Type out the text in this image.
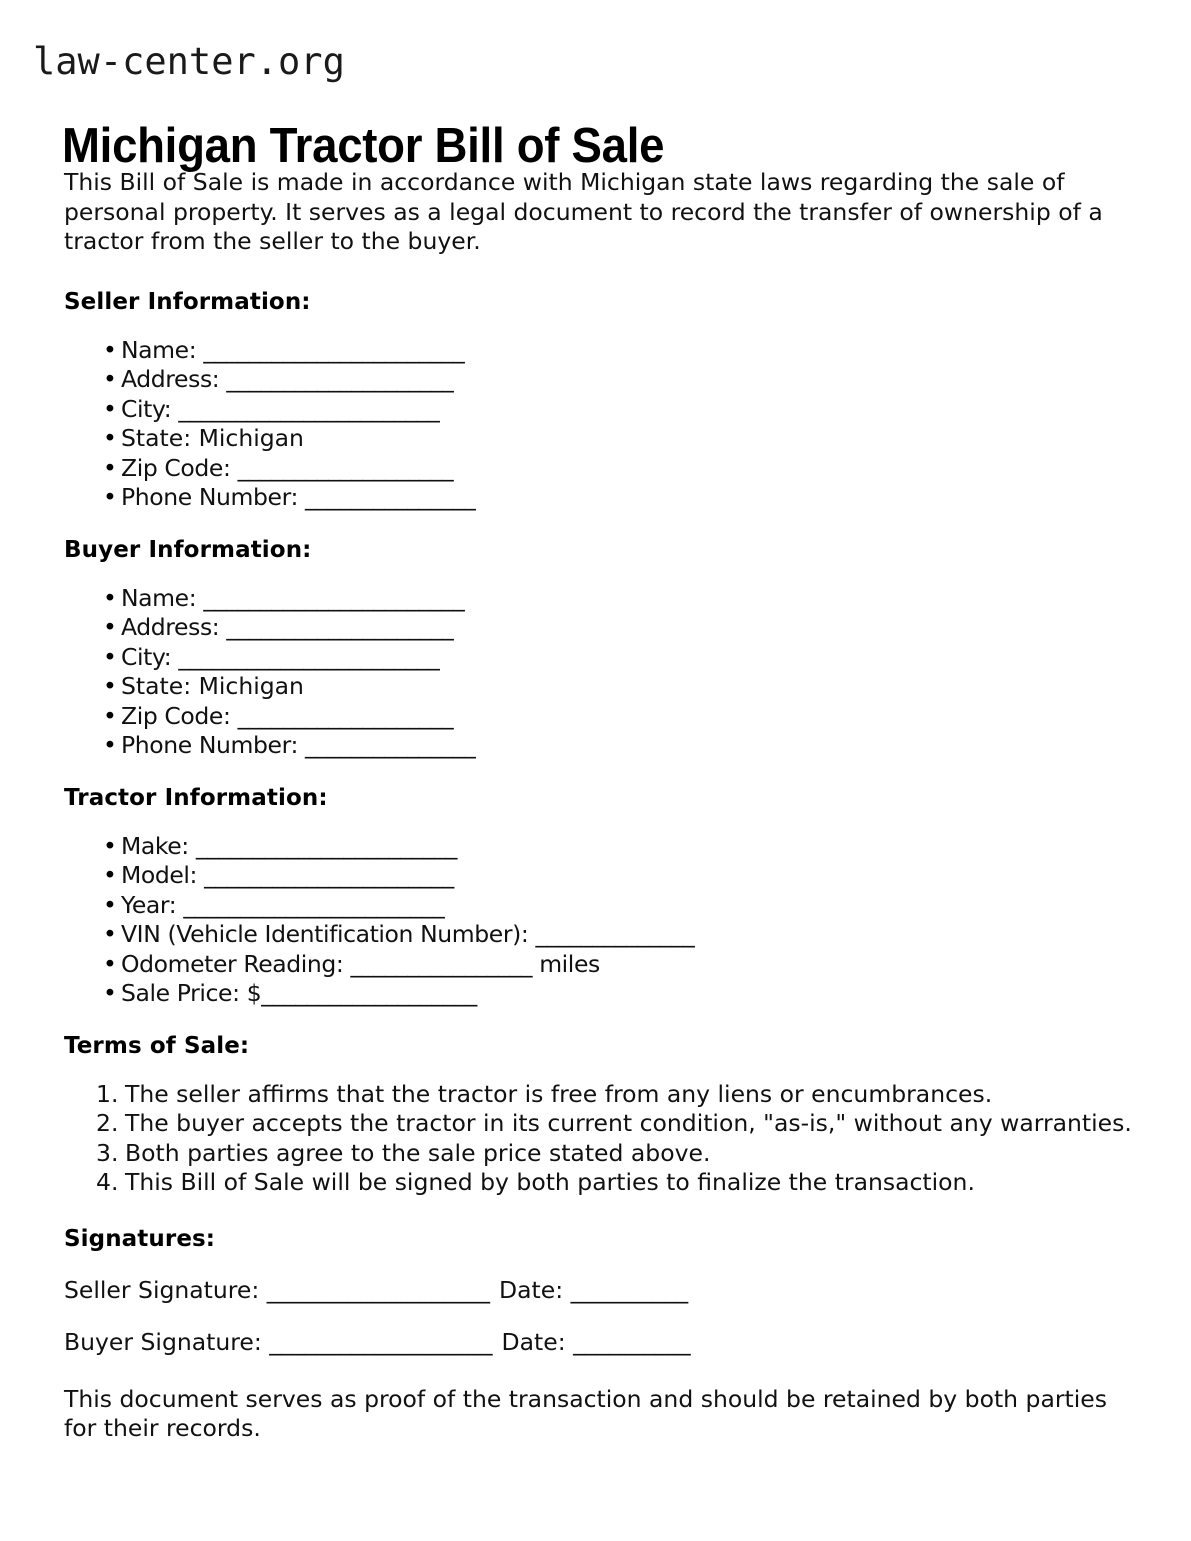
law-center.org
Michigan Tractor Bill of Sale

This Bill of Sale is made in accordance with Michigan state laws regarding the sale of personal property. It serves as a legal document to record the transfer of ownership of a tractor from the seller to the buyer.

Seller Information:
• Name: _______________________
• Address: ____________________
• City: _______________________
• State: Michigan
• Zip Code: ___________________
• Phone Number: _______________
Buyer Information:
• Name: _______________________
• Address: ____________________
• City: _______________________
• State: Michigan
• Zip Code: ___________________
• Phone Number: _______________
Tractor Information:
• Make: _______________________
• Model: ______________________
• Year: _______________________
• VIN (Vehicle Identification Number): ______________
• Odometer Reading: ________________ miles
• Sale Price: $___________________
Terms of Sale:
The seller affirms that the tractor is free from any liens or encumbrances.
The buyer accepts the tractor in its current condition, "as-is," without any warranties.
Both parties agree to the sale price stated above.
This Bill of Sale will be signed by both parties to finalize the transaction.
Signatures:
Seller Signature: ___________________ Date: __________
Buyer Signature: ___________________ Date: __________

This document serves as proof of the transaction and should be retained by both parties for their records.
